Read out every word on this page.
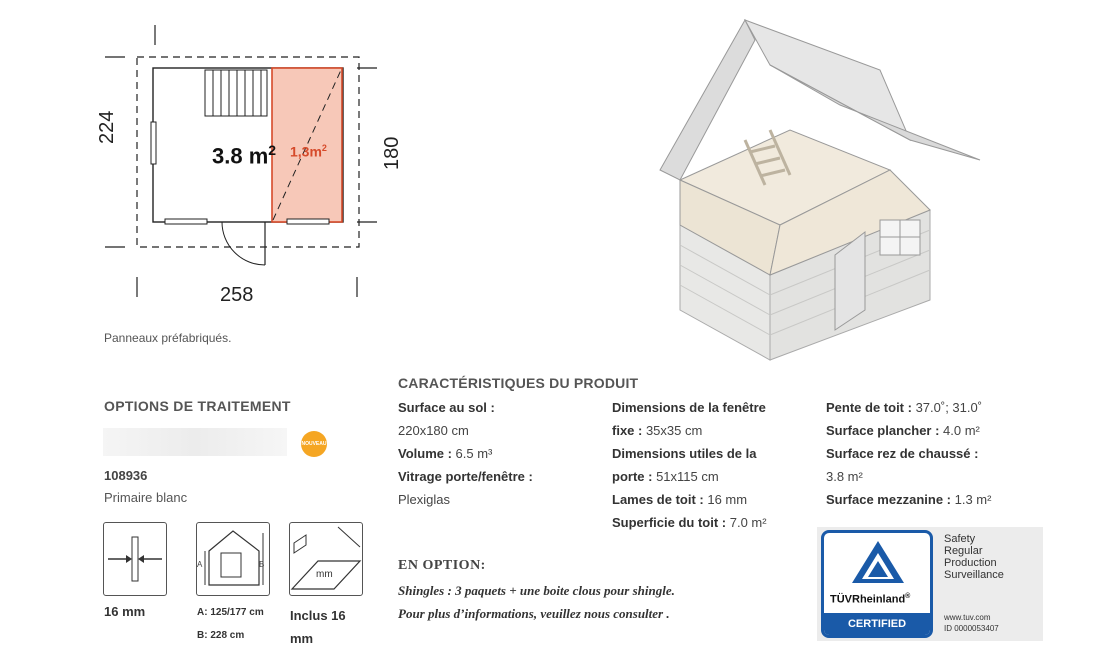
224
180
258
3.8 $m^2$ $1,3m^2$
Panneaux préfabriqués.
OPTIONS DE TRAITEMENT
NOUVEAU
108936
Primaire blanc
16 mm
A	B
A: 125/177 cm
B: 228 cm
mm
Inclus 16 mm
CARACTÉRISTIQUES DU PRODUIT
Surface au sol :
220x180 cm
Volume : 6.5 m³
Vitrage porte/fenêtre :
Plexiglas
Dimensions de la fenêtre
fixe : 35x35 cm
Dimensions utiles de la
porte : 51x115 cm
Lames de toit : 16 mm
Superficie du toit : 7.0 m²
Pente de toit : 37.0˚; 31.0˚
Surface plancher : 4.0 m²
Surface rez de chaussé :
3.8 m²
Surface mezzanine : 1.3 m²
EN OPTION:
Shingles : 3 paquets + une boite clous pour shingle.
Pour plus d’informations, veuillez nous consulter .
TÜVRheinland®
CERTIFIED
Safety
Regular
Production
Surveillance
www.tuv.com
ID 0000053407
